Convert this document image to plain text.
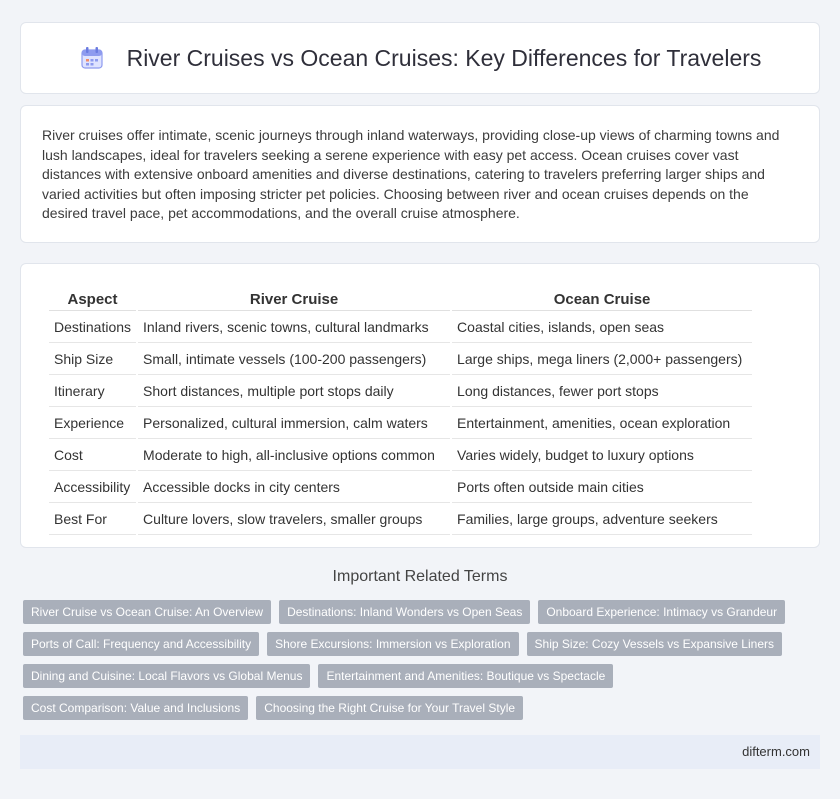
River Cruises vs Ocean Cruises: Key Differences for Travelers

River cruises offer intimate, scenic journeys through inland waterways, providing close-up views of charming towns and lush landscapes, ideal for travelers seeking a serene experience with easy pet access. Ocean cruises cover vast distances with extensive onboard amenities and diverse destinations, catering to travelers preferring larger ships and varied activities but often imposing stricter pet policies. Choosing between river and ocean cruises depends on the desired travel pace, pet accommodations, and the overall cruise atmosphere.

Aspect	River Cruise	Ocean Cruise
Destinations	Inland rivers, scenic towns, cultural landmarks	Coastal cities, islands, open seas
Ship Size	Small, intimate vessels (100-200 passengers)	Large ships, mega liners (2,000+ passengers)
Itinerary	Short distances, multiple port stops daily	Long distances, fewer port stops
Experience	Personalized, cultural immersion, calm waters	Entertainment, amenities, ocean exploration
Cost	Moderate to high, all-inclusive options common	Varies widely, budget to luxury options
Accessibility	Accessible docks in city centers	Ports often outside main cities
Best For	Culture lovers, slow travelers, smaller groups	Families, large groups, adventure seekers
Important Related Terms
River Cruise vs Ocean Cruise: An Overview	Destinations: Inland Wonders vs Open Seas	Onboard Experience: Intimacy vs Grandeur
Ports of Call: Frequency and Accessibility	Shore Excursions: Immersion vs Exploration	Ship Size: Cozy Vessels vs Expansive Liners
Dining and Cuisine: Local Flavors vs Global Menus	Entertainment and Amenities: Boutique vs Spectacle
Cost Comparison: Value and Inclusions	Choosing the Right Cruise for Your Travel Style
difterm.com
